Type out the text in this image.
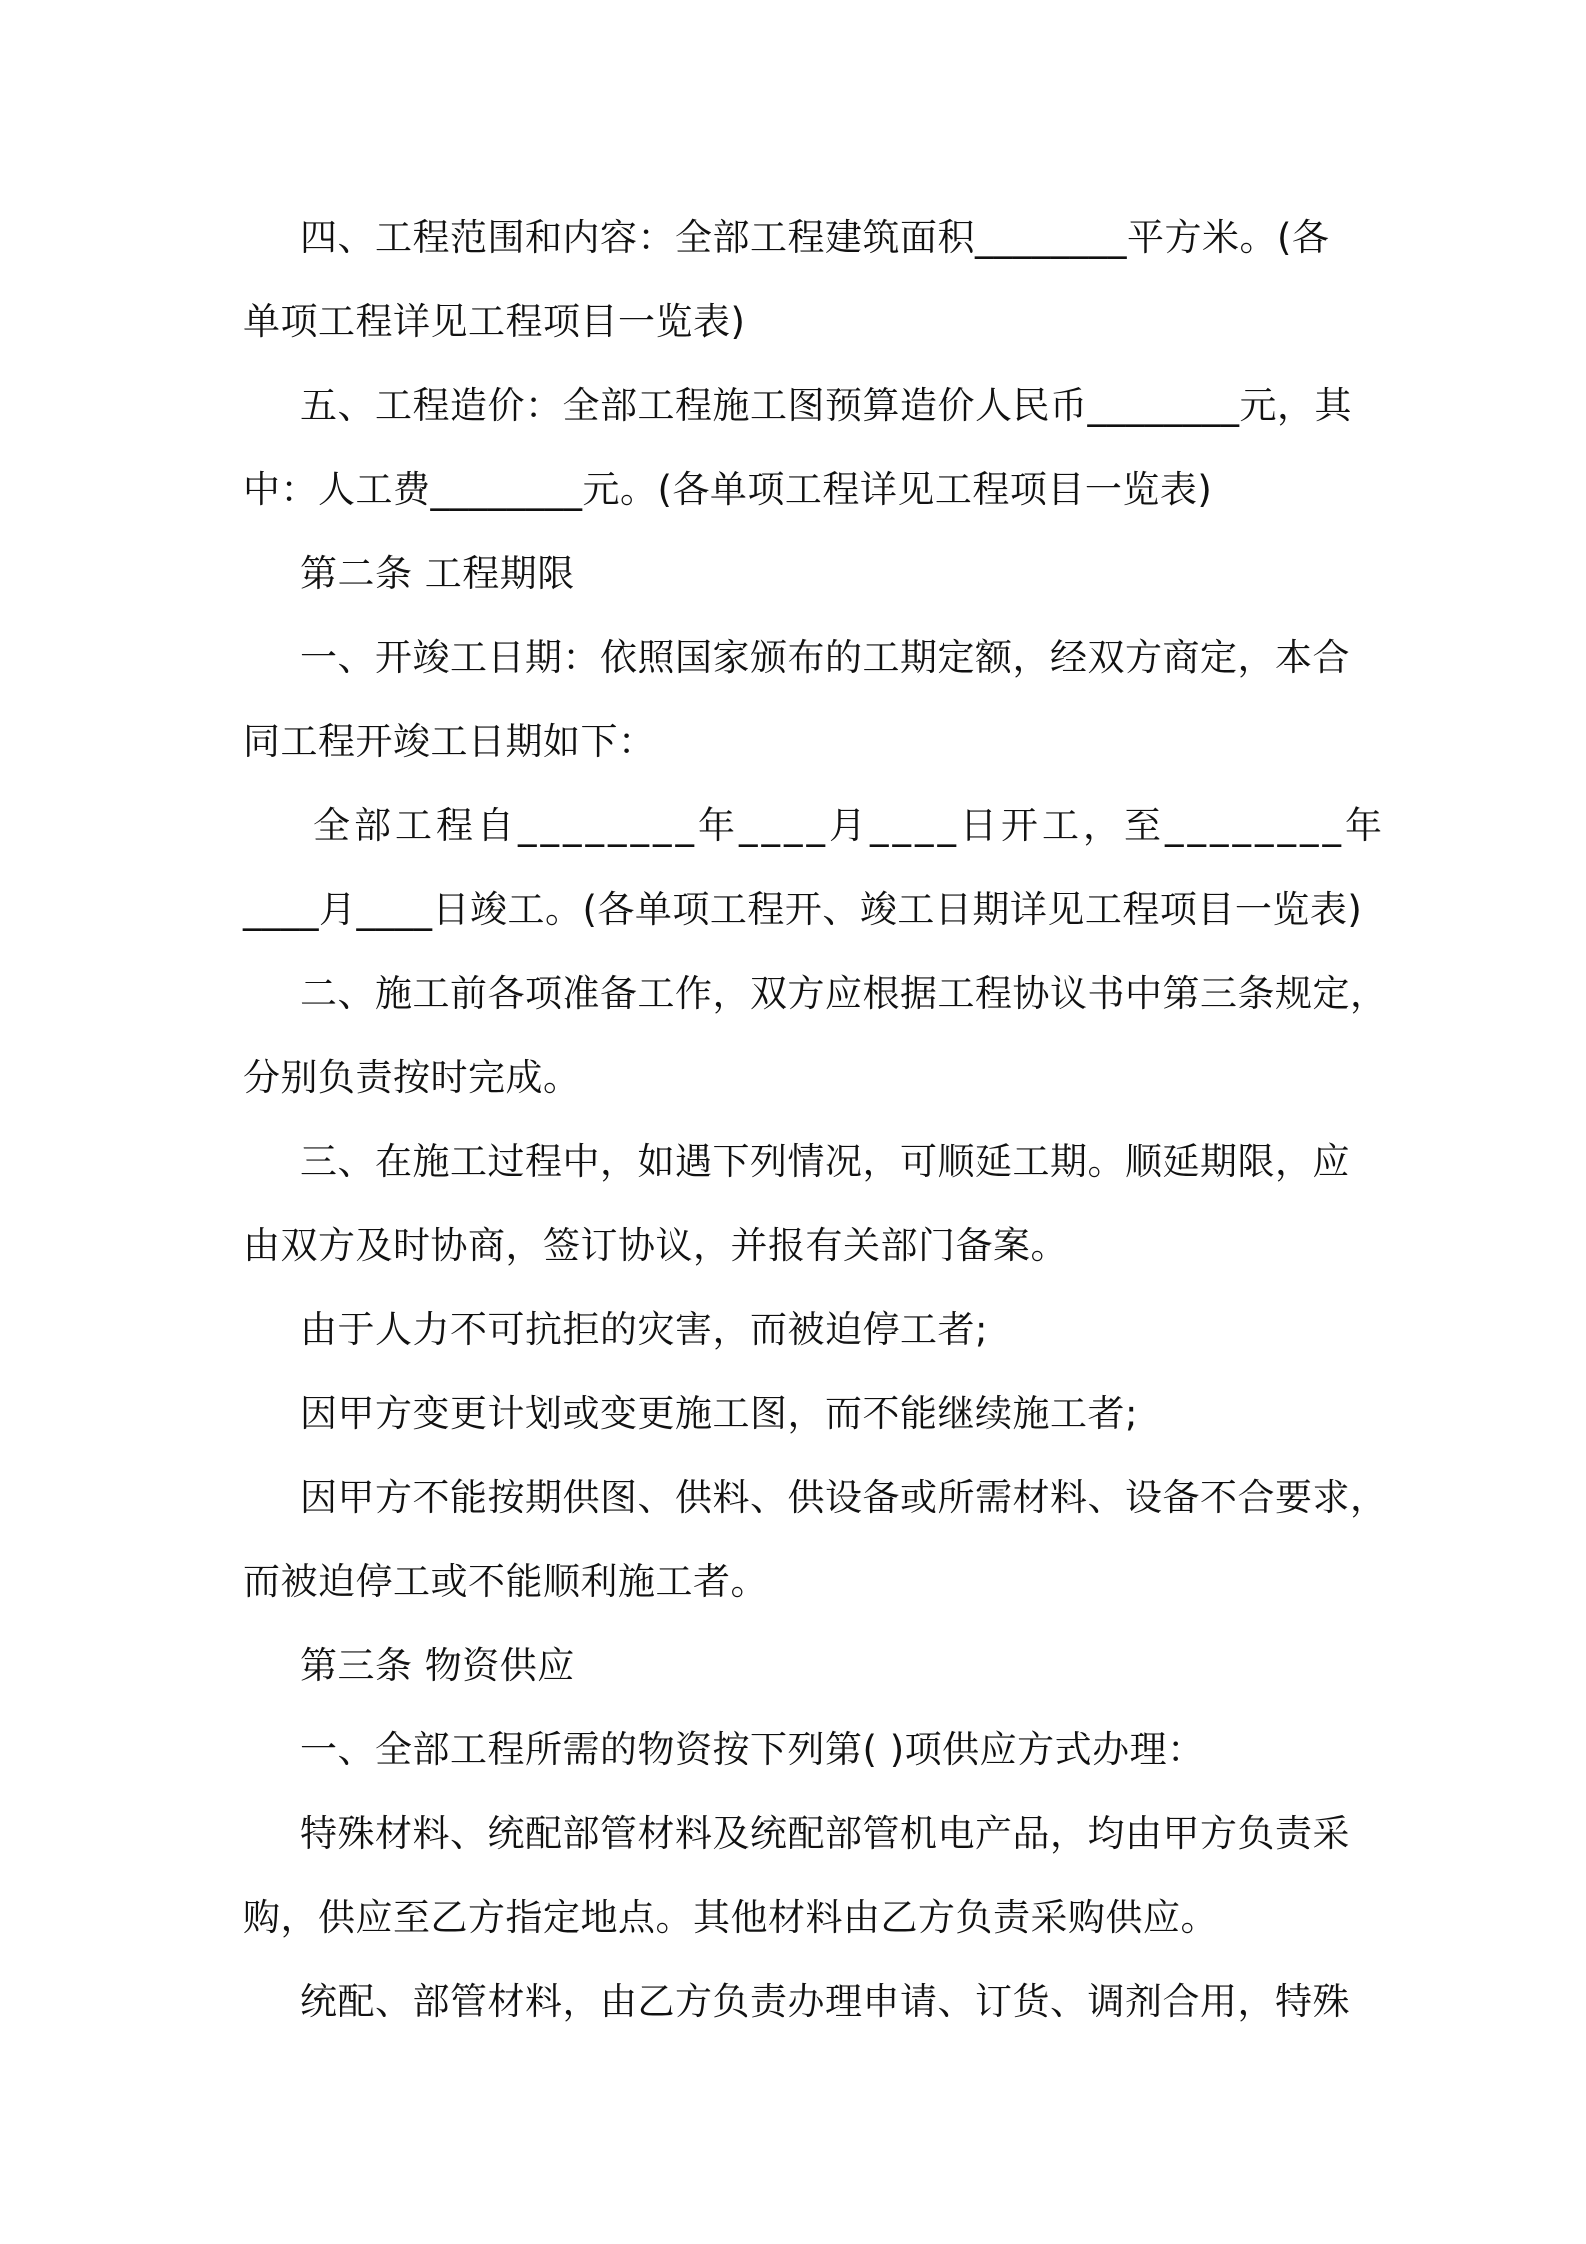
四、工程范围和内容：全部工程建筑面积________平方米。(各
单项工程详见工程项目一览表)
五、工程造价：全部工程施工图预算造价人民币________元，其
中：人工费________元。(各单项工程详见工程项目一览表)
第二条 工程期限
一、开竣工日期：依照国家颁布的工期定额，经双方商定，本合
同工程开竣工日期如下：
全部工程自________年____月____日开工，至________年
____月____日竣工。(各单项工程开、竣工日期详见工程项目一览表)
二、施工前各项准备工作，双方应根据工程协议书中第三条规定，
分别负责按时完成。
三、在施工过程中，如遇下列情况，可顺延工期。顺延期限，应
由双方及时协商，签订协议，并报有关部门备案。
由于人力不可抗拒的灾害，而被迫停工者;
因甲方变更计划或变更施工图，而不能继续施工者;
因甲方不能按期供图、供料、供设备或所需材料、设备不合要求，
而被迫停工或不能顺利施工者。
第三条 物资供应
一、全部工程所需的物资按下列第( )项供应方式办理：
特殊材料、统配部管材料及统配部管机电产品，均由甲方负责采
购，供应至乙方指定地点。其他材料由乙方负责采购供应。
统配、部管材料，由乙方负责办理申请、订货、调剂合用，特殊
